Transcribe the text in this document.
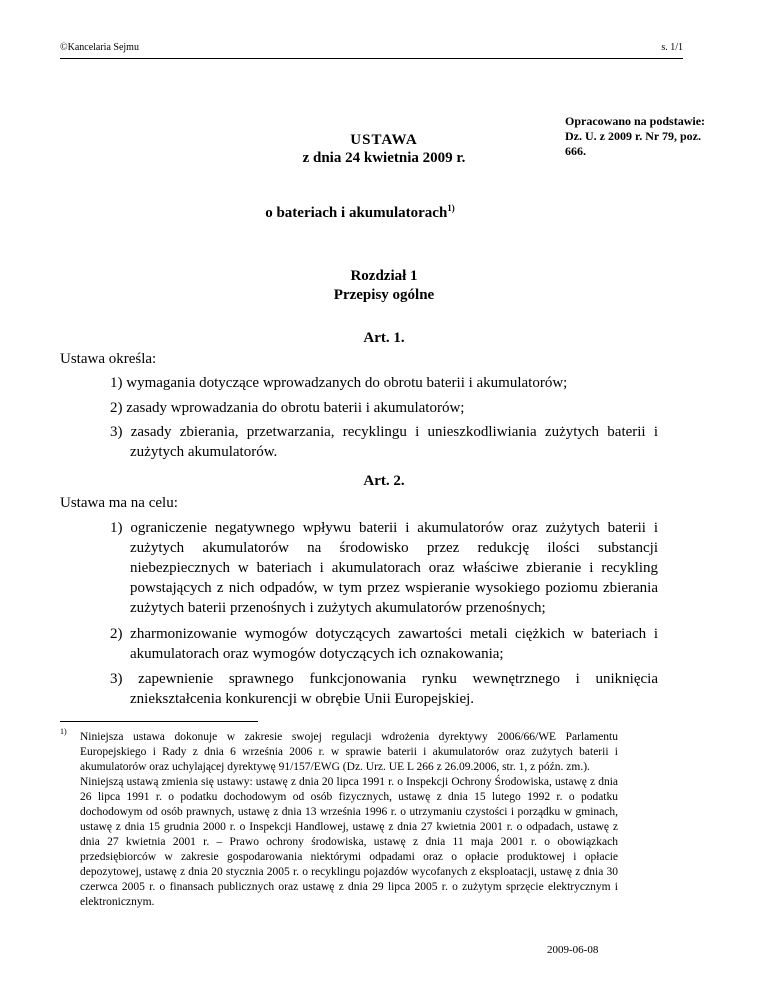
©Kancelaria Sejmu	s. 1/1
Opracowano na podstawie: Dz. U. z 2009 r. Nr 79, poz. 666.
USTAWA
z dnia 24 kwietnia 2009 r.
o bateriach i akumulatorach$^{1)}$
Rozdział 1
Przepisy ogólne
Art. 1.
Ustawa określa:
1) wymagania dotyczące wprowadzanych do obrotu baterii i akumulatorów;
2) zasady wprowadzania do obrotu baterii i akumulatorów;
3) zasady zbierania, przetwarzania, recyklingu i unieszkodliwiania zużytych baterii i zużytych akumulatorów.
Art. 2.
Ustawa ma na celu:
1) ograniczenie negatywnego wpływu baterii i akumulatorów oraz zużytych baterii i zużytych akumulatorów na środowisko przez redukcję ilości substancji niebezpiecznych w bateriach i akumulatorach oraz właściwe zbieranie i recykling powstających z nich odpadów, w tym przez wspieranie wysokiego poziomu zbierania zużytych baterii przenośnych i zużytych akumulatorów przenośnych;
2) zharmonizowanie wymogów dotyczących zawartości metali ciężkich w bateriach i akumulatorach oraz wymogów dotyczących ich oznakowania;
3) zapewnienie sprawnego funkcjonowania rynku wewnętrznego i uniknięcia zniekształcenia konkurencji w obrębie Unii Europejskiej.
1) Niniejsza ustawa dokonuje w zakresie swojej regulacji wdrożenia dyrektywy 2006/66/WE Parlamentu Europejskiego i Rady z dnia 6 września 2006 r. w sprawie baterii i akumulatorów oraz zużytych baterii i akumulatorów oraz uchylającej dyrektywę 91/157/EWG (Dz. Urz. UE L 266 z 26.09.2006, str. 1, z późn. zm.).

Niniejszą ustawą zmienia się ustawy: ustawę z dnia 20 lipca 1991 r. o Inspekcji Ochrony Środowiska, ustawę z dnia 26 lipca 1991 r. o podatku dochodowym od osób fizycznych, ustawę z dnia 15 lutego 1992 r. o podatku dochodowym od osób prawnych, ustawę z dnia 13 września 1996 r. o utrzymaniu czystości i porządku w gminach, ustawę z dnia 15 grudnia 2000 r. o Inspekcji Handlowej, ustawę z dnia 27 kwietnia 2001 r. o odpadach, ustawę z dnia 27 kwietnia 2001 r. – Prawo ochrony środowiska, ustawę z dnia 11 maja 2001 r. o obowiązkach przedsiębiorców w zakresie gospodarowania niektórymi odpadami oraz o opłacie produktowej i opłacie depozytowej, ustawę z dnia 20 stycznia 2005 r. o recyklingu pojazdów wycofanych z eksploatacji, ustawę z dnia 30 czerwca 2005 r. o finansach publicznych oraz ustawę z dnia 29 lipca 2005 r. o zużytym sprzęcie elektrycznym i elektronicznym.

2009-06-08
